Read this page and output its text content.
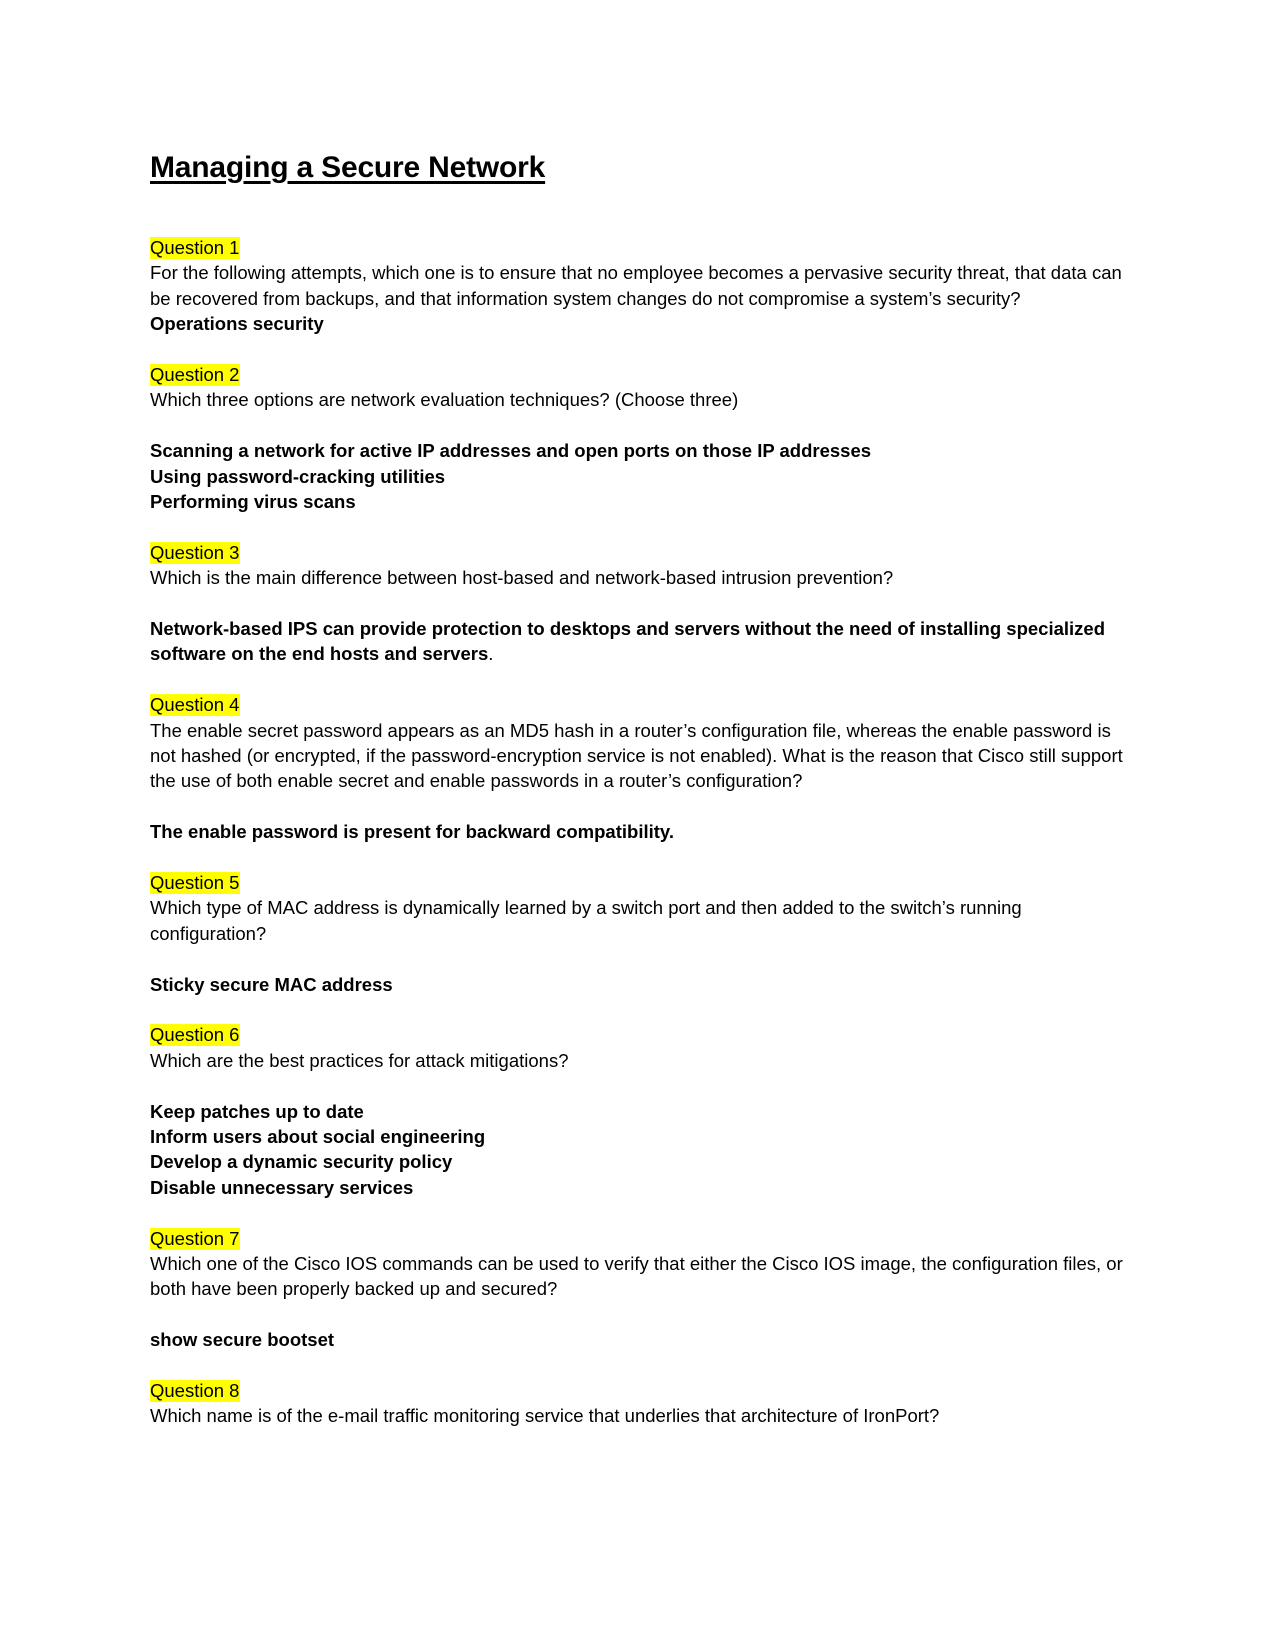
Managing a Secure Network
Question 1

For the following attempts, which one is to ensure that no employee becomes a pervasive security threat, that data can be recovered from backups, and that information system changes do not compromise a system’s security?

Operations security

Question 2

Which three options are network evaluation techniques? (Choose three)

Scanning a network for active IP addresses and open ports on those IP addresses

Using password-cracking utilities

Performing virus scans

Question 3

Which is the main difference between host-based and network-based intrusion prevention?

Network-based IPS can provide protection to desktops and servers without the need of installing specialized software on the end hosts and servers.

Question 4

The enable secret password appears as an MD5 hash in a router’s configuration file, whereas the enable password is not hashed (or encrypted, if the password-encryption service is not enabled). What is the reason that Cisco still support the use of both enable secret and enable passwords in a router’s configuration?

The enable password is present for backward compatibility.

Question 5

Which type of MAC address is dynamically learned by a switch port and then added to the switch’s running configuration?

Sticky secure MAC address

Question 6

Which are the best practices for attack mitigations?

Keep patches up to date

Inform users about social engineering

Develop a dynamic security policy

Disable unnecessary services

Question 7

Which one of the Cisco IOS commands can be used to verify that either the Cisco IOS image, the configuration files, or both have been properly backed up and secured?

show secure bootset

Question 8

Which name is of the e-mail traffic monitoring service that underlies that architecture of IronPort?
